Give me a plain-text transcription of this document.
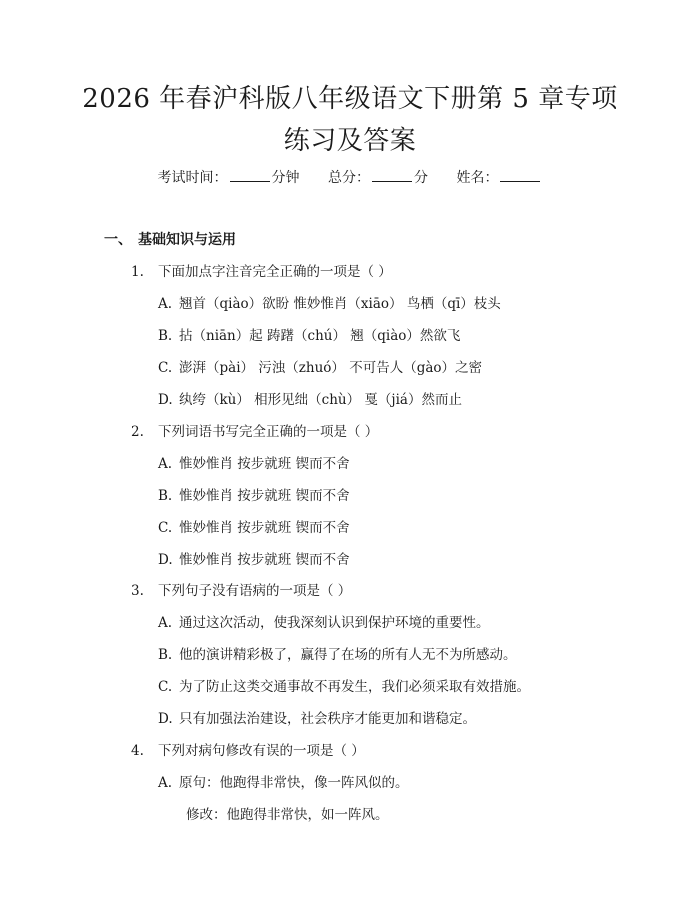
2026 年春沪科版八年级语文下册第 5 章专项练习及答案
考试时间：	分钟 总分：	分 姓名：
一、 基础知识与运用
1. 下面加点字注音完全正确的一项是（ ）
A. 翘首（qiào）欲盼 惟妙惟肖（xiāo） 鸟栖（qī）枝头
B. 拈（niān）起 踌躇（chú） 翘（qiào）然欲飞
C. 澎湃（pài） 污浊（zhuó） 不可告人（gào）之密
D. 纨绔（kù） 相形见绌（chù） 戛（jiá）然而止
2. 下列词语书写完全正确的一项是（ ）
A. 惟妙惟肖 按步就班 锲而不舍
B. 惟妙惟肖 按步就班 锲而不舍
C. 惟妙惟肖 按步就班 锲而不舍
D. 惟妙惟肖 按步就班 锲而不舍
3. 下列句子没有语病的一项是（ ）
A. 通过这次活动，使我深刻认识到保护环境的重要性。
B. 他的演讲精彩极了，赢得了在场的所有人无不为所感动。
C. 为了防止这类交通事故不再发生，我们必须采取有效措施。
D. 只有加强法治建设，社会秩序才能更加和谐稳定。
4. 下列对病句修改有误的一项是（ ）
A. 原句：他跑得非常快，像一阵风似的。
修改：他跑得非常快，如一阵风。
